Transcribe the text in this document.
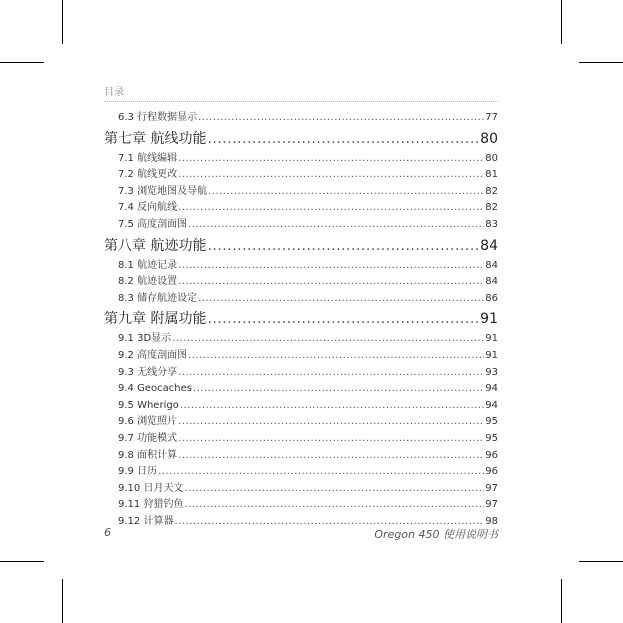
目录
6.3 行程数据显示 .....	77
第七章 航线功能 .....	80
7.1 航线编辑 .....	80
7.2 航线更改 .....	81
7.3 浏览地图及导航 .....	82
7.4 反向航线 .....	82
7.5 高度剖面图 .....	83
第八章 航迹功能 .....	84
8.1 航迹记录 .....	84
8.2 航迹设置 .....	84
8.3 储存航迹设定 .....	86
第九章 附属功能 .....	91
9.1 3D显示 .....	91
9.2 高度剖面图 .....	91
9.3 无线分享 .....	93
9.4 Geocaches .....	94
9.5 Wherigo .....	94
9.6 浏览照片 .....	95
9.7 功能模式 .....	95
9.8 面积计算 .....	96
9.9 日历 .....	96
9.10 日月天文 .....	97
9.11 狩猎钓鱼 .....	97
9.12 计算器 .....	98
6	Oregon 450 使用说明书
